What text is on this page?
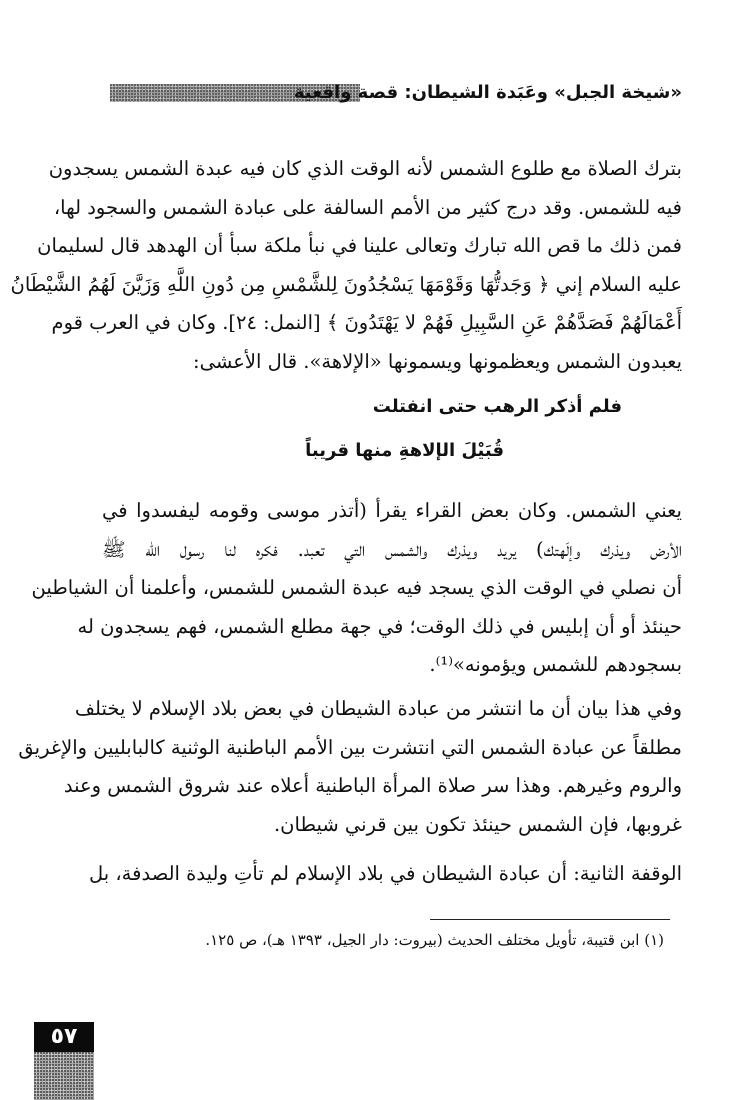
«شيخة الجبل» وعَبَدة الشيطان: قصة واقعية
بترك الصلاة مع طلوع الشمس لأنه الوقت الذي كان فيه عبدة الشمس يسجدون
فيه للشمس. وقد درج كثير من الأمم السالفة على عبادة الشمس والسجود لها،
فمن ذلك ما قص الله تبارك وتعالى علينا في نبأ ملكة سبأ أن الهدهد قال لسليمان
عليه السلام إني ﴿ وَجَدتُّهَا وَقَوْمَهَا يَسْجُدُونَ لِلشَّمْسِ مِن دُونِ اللَّهِ وَزَيَّنَ لَهُمُ الشَّيْطَانُ
أَعْمَالَهُمْ فَصَدَّهُمْ عَنِ السَّبِيلِ فَهُمْ لا يَهْتَدُونَ ﴾ [النمل: ٢٤]. وكان في العرب قوم
يعبدون الشمس ويعظمونها ويسمونها «الإلاهة». قال الأعشى:
فلم أذكر الرهب حتى انفتلت
قُبَيْلَ الإلاهةِ منها قريباً
يعني الشمس. وكان بعض القراء يقرأ (أتذر موسى وقومه ليفسدوا في
الأرض ويذرك وإلَهتك) يريد ويذرك والشمس التي تعبد. فكره لنا رسول الله ﷺ
أن نصلي في الوقت الذي يسجد فيه عبدة الشمس للشمس، وأعلمنا أن الشياطين
حينئذ أو أن إبليس في ذلك الوقت؛ في جهة مطلع الشمس، فهم يسجدون له
بسجودهم للشمس ويؤمونه»⁽¹⁾.
وفي هذا بيان أن ما انتشر من عبادة الشيطان في بعض بلاد الإسلام لا يختلف
مطلقاً عن عبادة الشمس التي انتشرت بين الأمم الباطنية الوثنية كالبابليين والإغريق
والروم وغيرهم. وهذا سر صلاة المرأة الباطنية أعلاه عند شروق الشمس وعند
غروبها، فإن الشمس حينئذ تكون بين قرني شيطان.
الوقفة الثانية: أن عبادة الشيطان في بلاد الإسلام لم تأتِ وليدة الصدفة، بل
(١) ابن قتيبة، تأويل مختلف الحديث (بيروت: دار الجيل، ١٣٩٣ هـ)، ص ١٢٥.
٥٧
